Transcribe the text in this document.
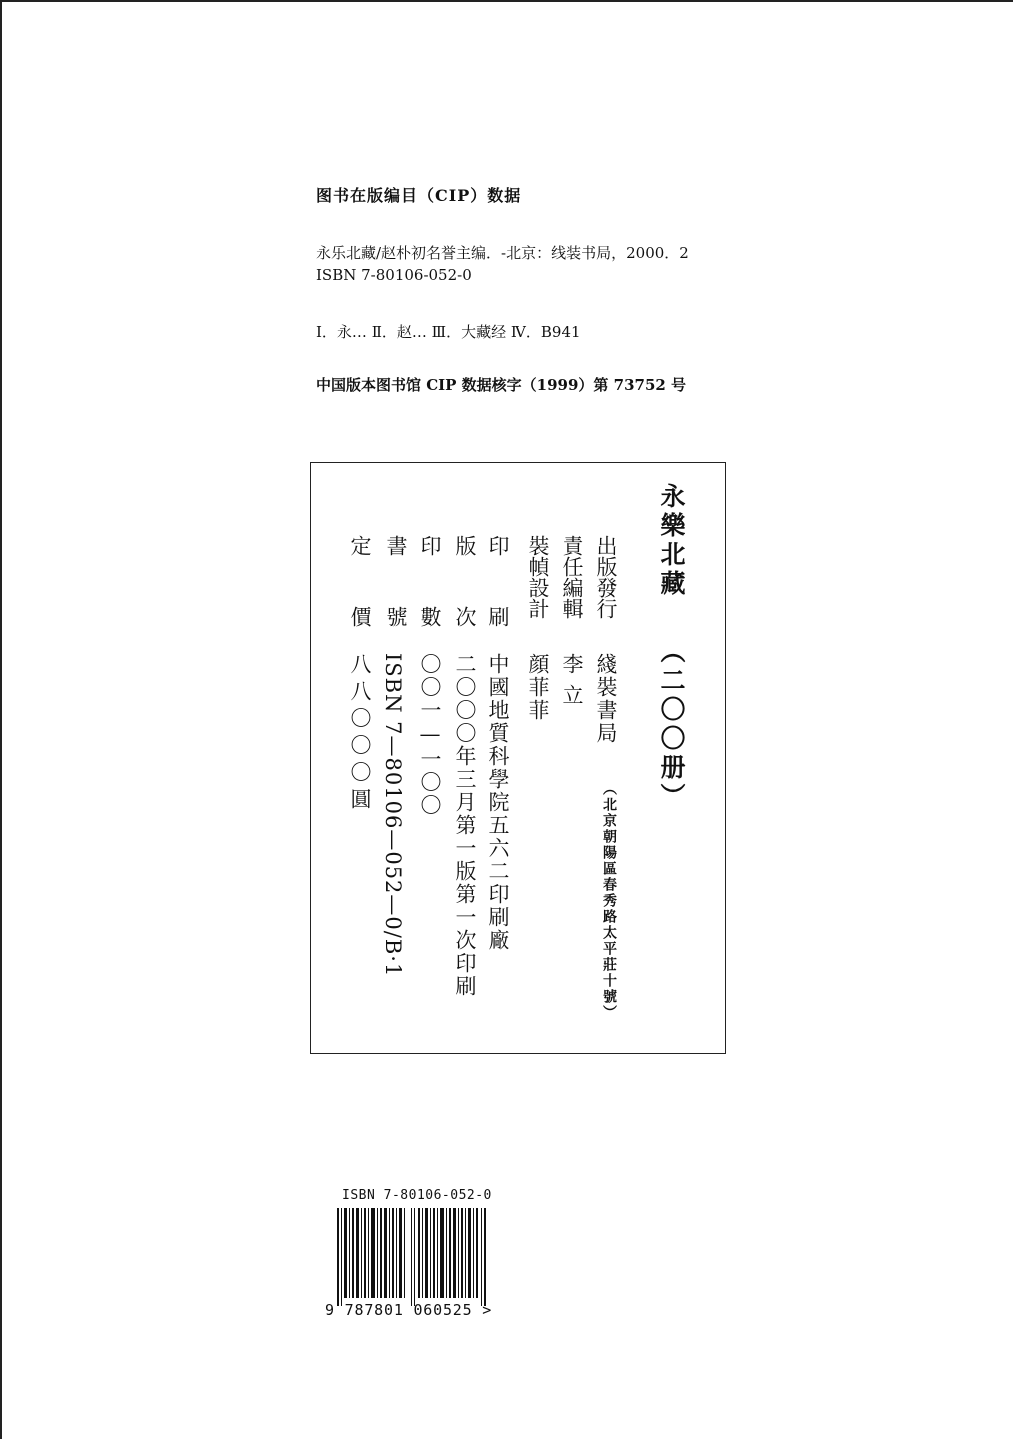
图书在版编目（CIP）数据
永乐北藏/赵朴初名誉主编．-北京：线装书局，2000．2
ISBN 7-80106-052-0
Ⅰ．永… Ⅱ．赵… Ⅲ．大藏经 Ⅳ．B941
中国版本图书馆 CIP 数据核字（1999）第 73752 号
永樂北藏
（二〇〇册）
出版發行
綫裝書局
（北京朝陽區春秀路太平莊十號）
責任編輯
李立
裝幀設計
顔菲菲
印刷
中國地質科學院五六二印刷廠
版次
二〇〇〇年三月第一版第一次印刷
印數
〇〇一—一〇〇
書號
ISBN 7—80106—052—0/B·1
定價
八八〇〇〇圓
ISBN 7-80106-052-0
9 787801 060525 >
